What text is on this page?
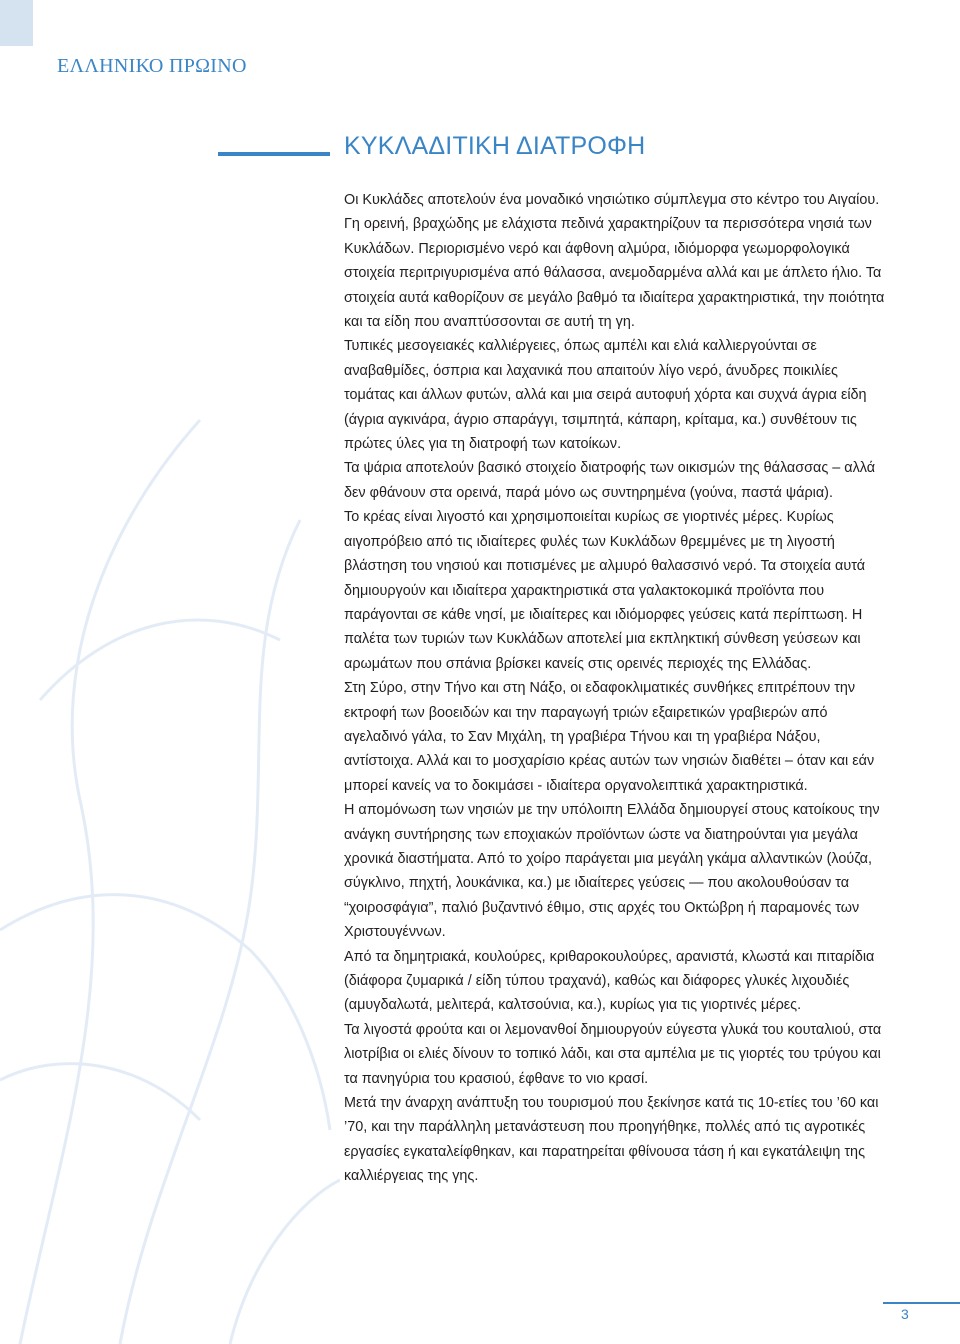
ΕΛΛΗΝΙΚΟ ΠΡΩΙΝΟ
ΚΥΚΛΑΔΙΤΙΚΗ ΔΙΑΤΡΟΦΗ

Οι Κυκλάδες αποτελούν ένα μοναδικό νησιώτικο σύμπλεγμα στο κέντρο του Αιγαίου. Γη ορεινή, βραχώδης με ελάχιστα πεδινά χαρακτηρίζουν τα περισσότερα νησιά των Κυκλάδων. Περιορισμένο νερό και άφθονη αλμύρα, ιδιόμορφα γεωμορφολογικά στοιχεία περιτριγυρισμένα από θάλασσα, ανεμοδαρμένα αλλά και με άπλετο ήλιο. Τα στοιχεία αυτά καθορίζουν σε μεγάλο βαθμό τα ιδιαίτερα χαρακτηριστικά, την ποιότητα και τα είδη που αναπτύσσονται σε αυτή τη γη.

Τυπικές μεσογειακές καλλιέργειες, όπως αμπέλι και ελιά καλλιεργούνται σε αναβαθμίδες, όσπρια και λαχανικά που απαιτούν λίγο νερό, άνυδρες ποικιλίες τομάτας και άλλων φυτών, αλλά και μια σειρά αυτοφυή χόρτα και συχνά άγρια είδη (άγρια αγκινάρα, άγριο σπαράγγι, τσιμπητά, κάπαρη, κρίταμα, κα.) συνθέτουν τις πρώτες ύλες για τη διατροφή των κατοίκων.

Τα ψάρια αποτελούν βασικό στοιχείο διατροφής των οικισμών της θάλασσας – αλλά δεν φθάνουν στα ορεινά, παρά μόνο ως συντηρημένα (γούνα, παστά ψάρια).

Το κρέας είναι λιγοστό και χρησιμοποιείται κυρίως σε γιορτινές μέρες. Κυρίως αιγοπρόβειο από τις ιδιαίτερες φυλές των Κυκλάδων θρεμμένες με τη λιγοστή βλάστηση του νησιού και ποτισμένες με αλμυρό θαλασσινό νερό. Τα στοιχεία αυτά δημιουργούν και ιδιαίτερα χαρακτηριστικά στα γαλακτοκομικά προϊόντα που παράγονται σε κάθε νησί, με ιδιαίτερες και ιδιόμορφες γεύσεις κατά περίπτωση. Η παλέτα των τυριών των Κυκλάδων αποτελεί μια εκπληκτική σύνθεση γεύσεων και αρωμάτων που σπάνια βρίσκει κανείς στις ορεινές περιοχές της Ελλάδας.

Στη Σύρο, στην Τήνο και στη Νάξο, οι εδαφοκλιματικές συνθήκες επιτρέπουν την εκτροφή των βοοειδών και την παραγωγή τριών εξαιρετικών γραβιερών από αγελαδινό γάλα, το Σαν Μιχάλη, τη γραβιέρα Τήνου και τη γραβιέρα Νάξου, αντίστοιχα. Αλλά και το μοσχαρίσιο κρέας αυτών των νησιών διαθέτει – όταν και εάν μπορεί κανείς να το δοκιμάσει - ιδιαίτερα οργανολειπτικά χαρακτηριστικά.

Η απομόνωση των νησιών με την υπόλοιπη Ελλάδα δημιουργεί στους κατοίκους την ανάγκη συντήρησης των εποχιακών προϊόντων ώστε να διατηρούνται για μεγάλα χρονικά διαστήματα. Από το χοίρο παράγεται μια μεγάλη γκάμα αλλαντικών (λούζα, σύγκλινο, πηχτή, λουκάνικα, κα.) με ιδιαίτερες γεύσεις — που ακολουθούσαν τα “χοιροσφάγια”, παλιό βυζαντινό έθιμο, στις αρχές του Οκτώβρη ή παραμονές των Χριστουγέννων.

Από τα δημητριακά, κουλούρες, κριθαροκουλούρες, αρανιστά, κλωστά και πιταρίδια (διάφορα ζυμαρικά / είδη τύπου τραχανά), καθώς και διάφορες γλυκές λιχουδιές (αμυγδαλωτά, μελιτερά, καλτσούνια, κα.), κυρίως για τις γιορτινές μέρες.

Τα λιγοστά φρούτα και οι λεμονανθοί δημιουργούν εύγεστα γλυκά του κουταλιού, στα λιοτρίβια οι ελιές δίνουν το τοπικό λάδι, και στα αμπέλια με τις γιορτές του τρύγου και τα πανηγύρια του κρασιού, έφθανε το νιο κρασί.

Μετά την άναρχη ανάπτυξη του τουρισμού που ξεκίνησε κατά τις 10-ετίες του ’60 και ’70, και την παράλληλη μετανάστευση που προηγήθηκε, πολλές από τις αγροτικές εργασίες εγκαταλείφθηκαν, και παρατηρείται φθίνουσα τάση ή και εγκατάλειψη της καλλιέργειας της γης.

3
